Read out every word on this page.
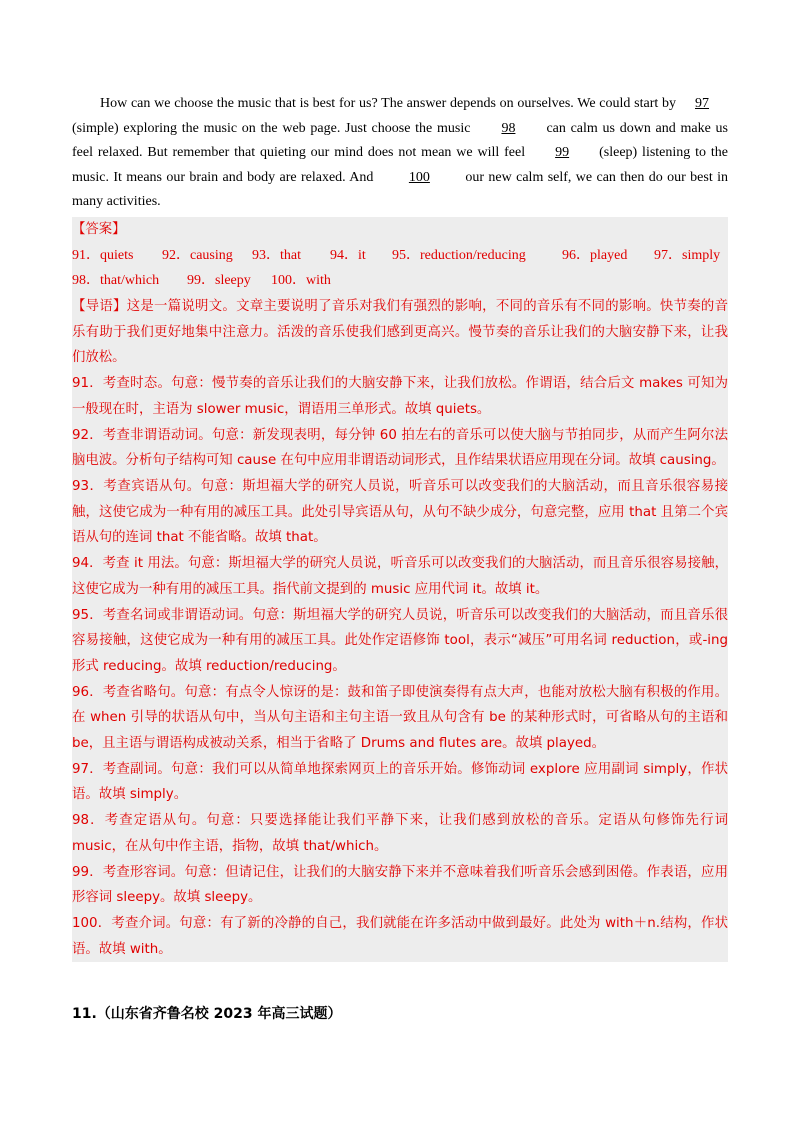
How can we choose the music that is best for us? The answer depends on ourselves. We could start by 97 (simple) exploring the music on the web page. Just choose the music 98 can calm us down and make us feel relaxed. But remember that quieting our mind does not mean we will feel 99 (sleep) listening to the music. It means our brain and body are relaxed. And	100	our new calm self, we can then do our best in many activities.

【答案】
91．quiets	92．causing	93．that	94．it	95．reduction/reducing	96．played	97．simply
98．that/which	99．sleepy	100．with

【导语】这是一篇说明文。文章主要说明了音乐对我们有强烈的影响，不同的音乐有不同的影响。快节奏的音乐有助于我们更好地集中注意力。活泼的音乐使我们感到更高兴。慢节奏的音乐让我们的大脑安静下来，让我们放松。

91．考查时态。句意：慢节奏的音乐让我们的大脑安静下来，让我们放松。作谓语，结合后文 makes 可知为一般现在时，主语为 slower music，谓语用三单形式。故填 quiets。

92．考查非谓语动词。句意：新发现表明，每分钟 60 拍左右的音乐可以使大脑与节拍同步，从而产生阿尔法脑电波。分析句子结构可知 cause 在句中应用非谓语动词形式，且作结果状语应用现在分词。故填 causing。

93．考查宾语从句。句意：斯坦福大学的研究人员说，听音乐可以改变我们的大脑活动，而且音乐很容易接触，这使它成为一种有用的减压工具。此处引导宾语从句，从句不缺少成分，句意完整，应用 that 且第二个宾语从句的连词 that 不能省略。故填 that。

94．考查 it 用法。句意：斯坦福大学的研究人员说，听音乐可以改变我们的大脑活动，而且音乐很容易接触，这使它成为一种有用的减压工具。指代前文提到的 music 应用代词 it。故填 it。

95．考查名词或非谓语动词。句意：斯坦福大学的研究人员说，听音乐可以改变我们的大脑活动，而且音乐很容易接触，这使它成为一种有用的减压工具。此处作定语修饰 tool，表示“减压”可用名词 reduction，或-ing 形式 reducing。故填 reduction/reducing。

96．考查省略句。句意：有点令人惊讶的是：鼓和笛子即使演奏得有点大声，也能对放松大脑有积极的作用。在 when 引导的状语从句中，当从句主语和主句主语一致且从句含有 be 的某种形式时，可省略从句的主语和 be，且主语与谓语构成被动关系，相当于省略了 Drums and flutes are。故填 played。

97．考查副词。句意：我们可以从简单地探索网页上的音乐开始。修饰动词 explore 应用副词 simply，作状语。故填 simply。

98．考查定语从句。句意：只要选择能让我们平静下来，让我们感到放松的音乐。定语从句修饰先行词 music，在从句中作主语，指物，故填 that/which。

99．考查形容词。句意：但请记住，让我们的大脑安静下来并不意味着我们听音乐会感到困倦。作表语，应用形容词 sleepy。故填 sleepy。

100．考查介词。句意：有了新的冷静的自己，我们就能在许多活动中做到最好。此处为 with＋n.结构，作状语。故填 with。

11.（山东省齐鲁名校 2023 年高三试题）
